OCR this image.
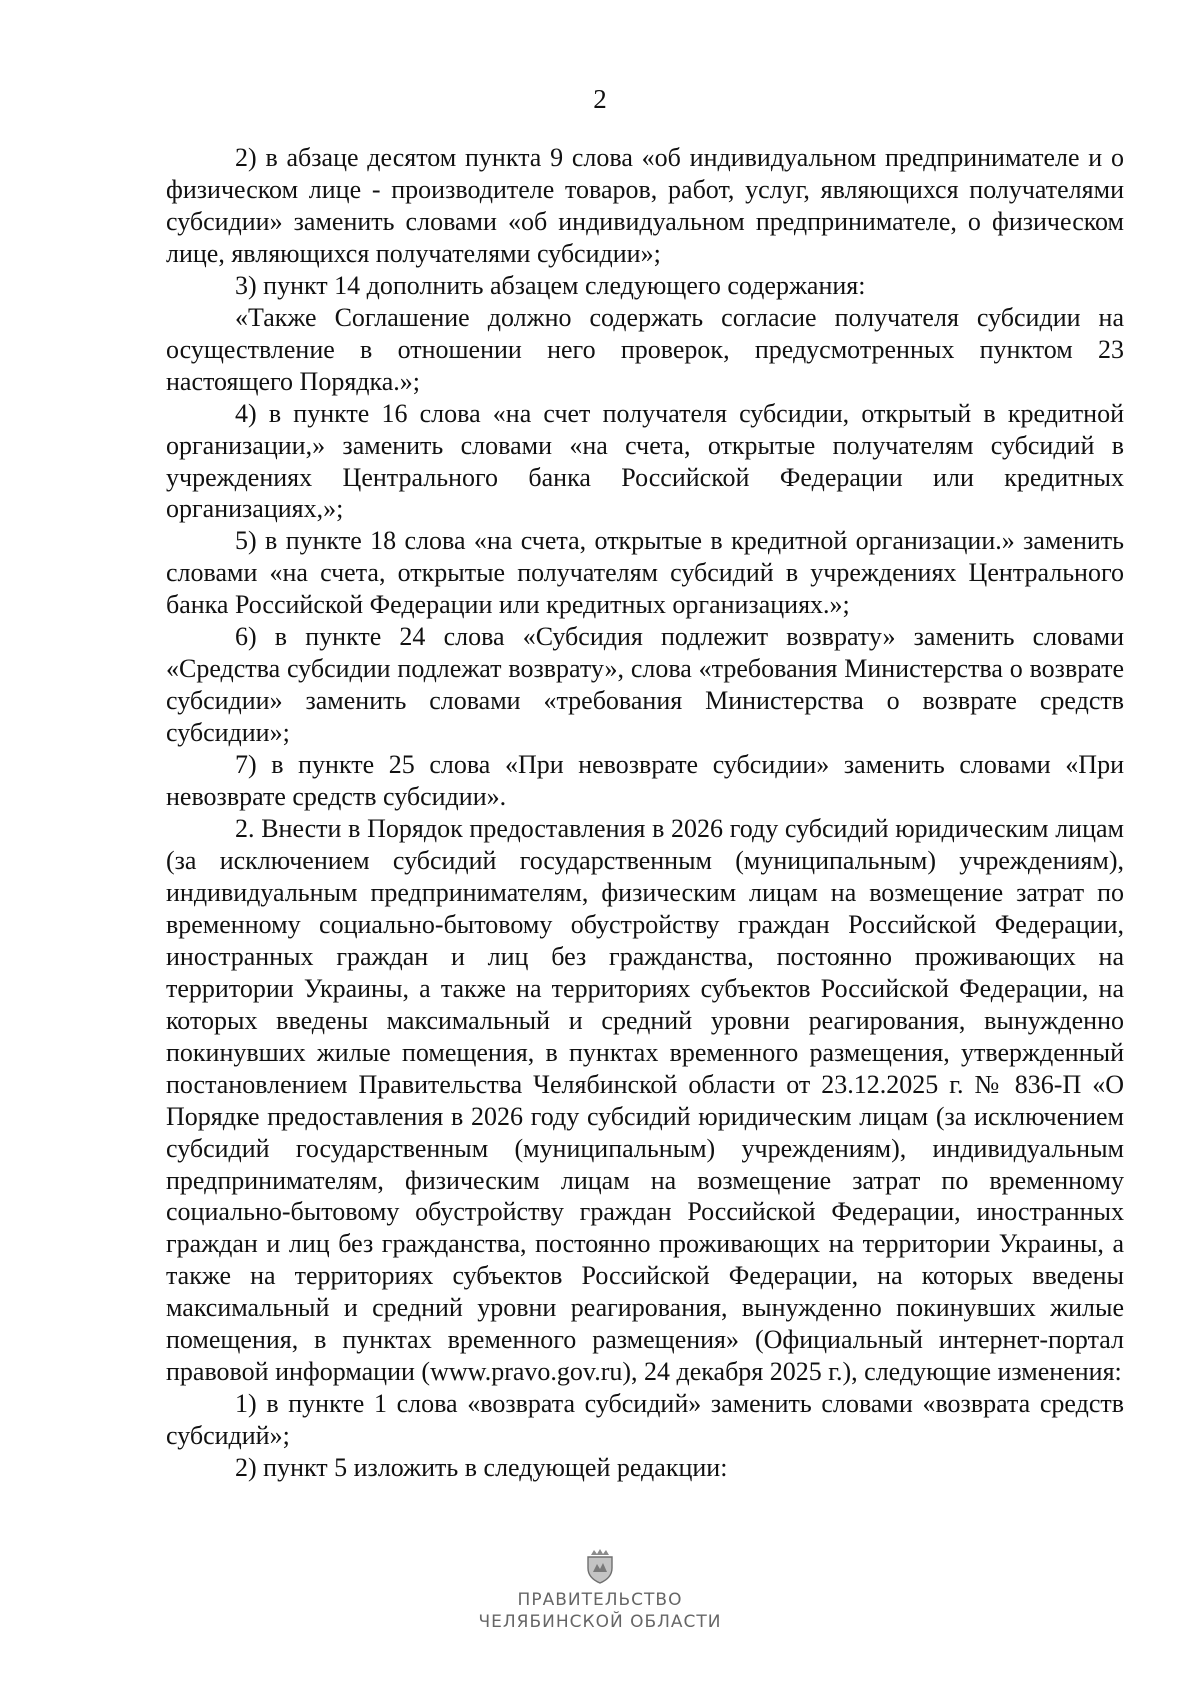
2

2) в абзаце десятом пункта 9 слова «об индивидуальном предпринимателе и о физическом лице - производителе товаров, работ, услуг, являющихся получателями субсидии» заменить словами «об индивидуальном предпринимателе, о физическом лице, являющихся получателями субсидии»;

3) пункт 14 дополнить абзацем следующего содержания:

«Также Соглашение должно содержать согласие получателя субсидии на осуществление в отношении него проверок, предусмотренных пунктом 23 настоящего Порядка.»;

4) в пункте 16 слова «на счет получателя субсидии, открытый в кредитной организации,» заменить словами «на счета, открытые получателям субсидий в учреждениях Центрального банка Российской Федерации или кредитных организациях,»;

5) в пункте 18 слова «на счета, открытые в кредитной организации.» заменить словами «на счета, открытые получателям субсидий в учреждениях Центрального банка Российской Федерации или кредитных организациях.»;

6) в пункте 24 слова «Субсидия подлежит возврату» заменить словами «Средства субсидии подлежат возврату», слова «требования Министерства о возврате субсидии» заменить словами «требования Министерства о возврате средств субсидии»;

7) в пункте 25 слова «При невозврате субсидии» заменить словами «При невозврате средств субсидии».

2. Внести в Порядок предоставления в 2026 году субсидий юридическим лицам (за исключением субсидий государственным (муниципальным) учреждениям), индивидуальным предпринимателям, физическим лицам на возмещение затрат по временному социально-бытовому обустройству граждан Российской Федерации, иностранных граждан и лиц без гражданства, постоянно проживающих на территории Украины, а также на территориях субъектов Российской Федерации, на которых введены максимальный и средний уровни реагирования, вынужденно покинувших жилые помещения, в пунктах временного размещения, утвержденный постановлением Правительства Челябинской области от 23.12.2025 г. № 836-П «О Порядке предоставления в 2026 году субсидий юридическим лицам (за исключением субсидий государственным (муниципальным) учреждениям), индивидуальным предпринимателям, физическим лицам на возмещение затрат по временному социально-бытовому обустройству граждан Российской Федерации, иностранных граждан и лиц без гражданства, постоянно проживающих на территории Украины, а также на территориях субъектов Российской Федерации, на которых введены максимальный и средний уровни реагирования, вынужденно покинувших жилые помещения, в пунктах временного размещения» (Официальный интернет-портал правовой информации (www.pravo.gov.ru), 24 декабря 2025 г.), следующие изменения:

1) в пункте 1 слова «возврата субсидий» заменить словами «возврата средств субсидий»;

2) пункт 5 изложить в следующей редакции:

ПРАВИТЕЛЬСТВО
ЧЕЛЯБИНСКОЙ ОБЛАСТИ
